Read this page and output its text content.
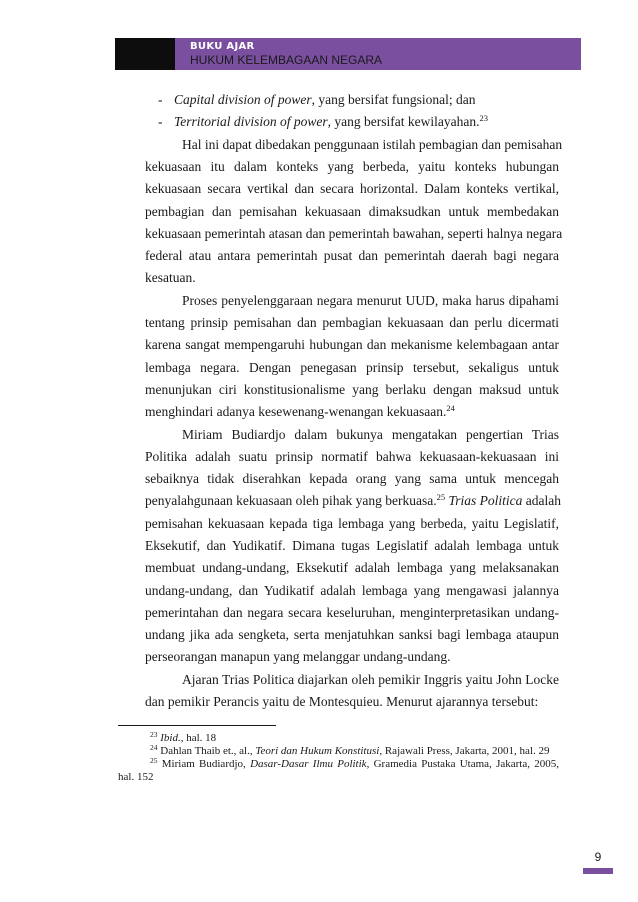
BUKU AJAR
HUKUM KELEMBAGAAN NEGARA
- Capital division of power, yang bersifat fungsional; dan
- Territorial division of power, yang bersifat kewilayahan.$^{23}$
Hal ini dapat dibedakan penggunaan istilah pembagian dan pemisahan
kekuasaan itu dalam konteks yang berbeda, yaitu konteks hubungan
kekuasaan secara vertikal dan secara horizontal. Dalam konteks vertikal,
pembagian dan pemisahan kekuasaan dimaksudkan untuk membedakan
kekuasaan pemerintah atasan dan pemerintah bawahan, seperti halnya negara
federal atau antara pemerintah pusat dan pemerintah daerah bagi negara
kesatuan.
Proses penyelenggaraan negara menurut UUD, maka harus dipahami
tentang prinsip pemisahan dan pembagian kekuasaan dan perlu dicermati
karena sangat mempengaruhi hubungan dan mekanisme kelembagaan antar
lembaga negara. Dengan penegasan prinsip tersebut, sekaligus untuk
menunjukan ciri konstitusionalisme yang berlaku dengan maksud untuk
menghindari adanya kesewenang-wenangan kekuasaan.$^{24}$
Miriam Budiardjo dalam bukunya mengatakan pengertian Trias
Politika adalah suatu prinsip normatif bahwa kekuasaan-kekuasaan ini
sebaiknya tidak diserahkan kepada orang yang sama untuk mencegah
penyalahgunaan kekuasaan oleh pihak yang berkuasa.$^{25}$ Trias Politica adalah
pemisahan kekuasaan kepada tiga lembaga yang berbeda, yaitu Legislatif,
Eksekutif, dan Yudikatif. Dimana tugas Legislatif adalah lembaga untuk
membuat undang-undang, Eksekutif adalah lembaga yang melaksanakan
undang-undang, dan Yudikatif adalah lembaga yang mengawasi jalannya
pemerintahan dan negara secara keseluruhan, menginterpretasikan undang-
undang jika ada sengketa, serta menjatuhkan sanksi bagi lembaga ataupun
perseorangan manapun yang melanggar undang-undang.
Ajaran Trias Politica diajarkan oleh pemikir Inggris yaitu John Locke
dan pemikir Perancis yaitu de Montesquieu. Menurut ajarannya tersebut:
$^{23}$ Ibid., hal. 18
$^{24}$ Dahlan Thaib et., al., Teori dan Hukum Konstitusi, Rajawali Press, Jakarta, 2001, hal. 29
$^{25}$ Miriam Budiardjo, Dasar-Dasar Ilmu Politik, Gramedia Pustaka Utama, Jakarta, 2005,
hal. 152
9
